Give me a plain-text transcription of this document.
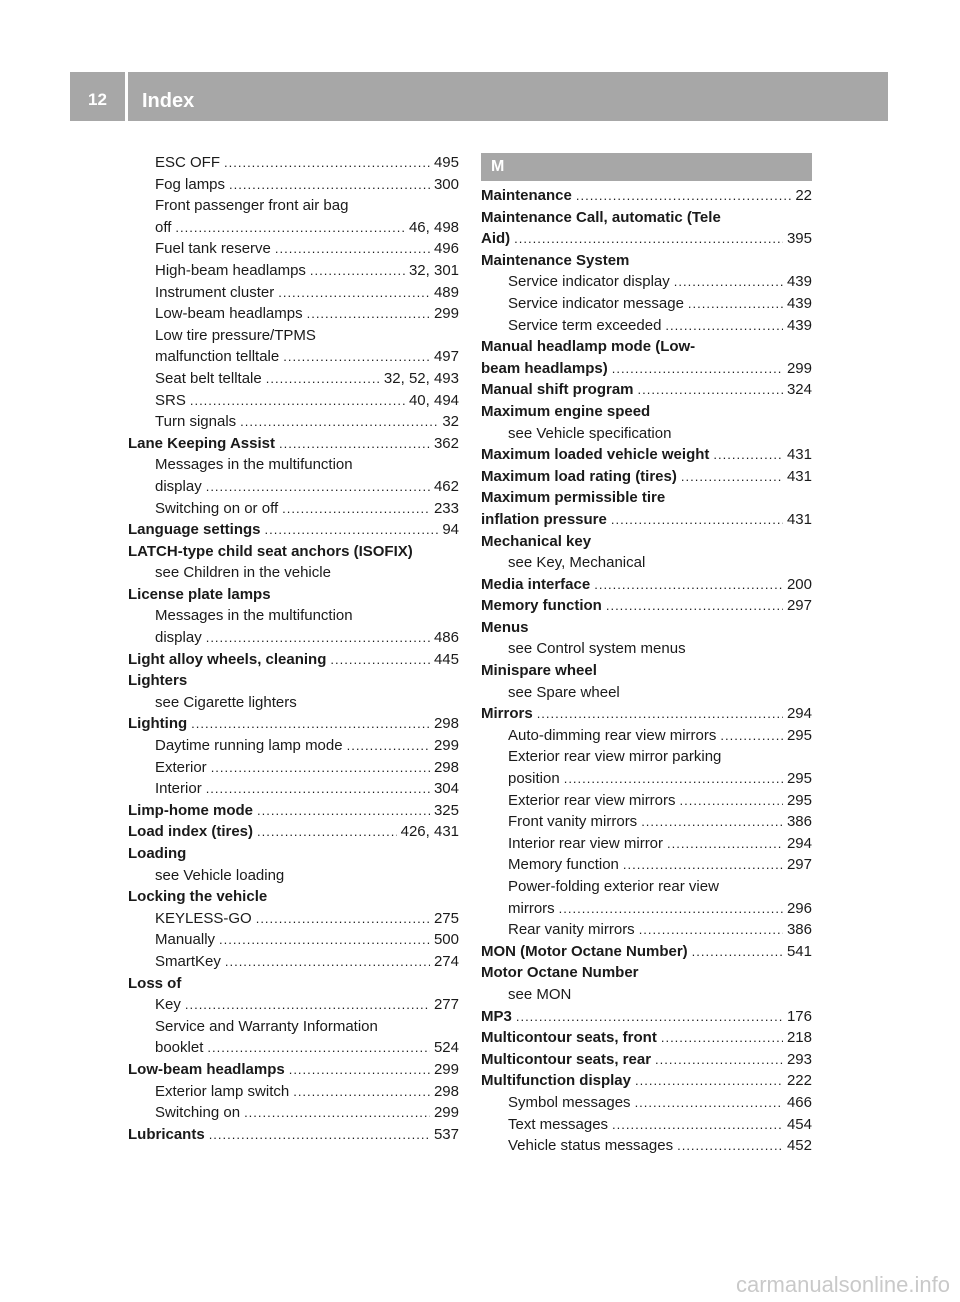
12	Index
ESC OFF .....	495
Fog lamps .....	300
Front passenger front air bag
off .....	46, 498
Fuel tank reserve .....	496
High-beam headlamps .....	32, 301
Instrument cluster .....	489
Low-beam headlamps .....	299
Low tire pressure/TPMS
malfunction telltale .....	497
Seat belt telltale .....	32, 52, 493
SRS .....	40, 494
Turn signals .....	32
Lane Keeping Assist .....	362
Messages in the multifunction
display .....	462
Switching on or off .....	233
Language settings .....	94
LATCH-type child seat anchors (ISOFIX)
see Children in the vehicle
License plate lamps
Messages in the multifunction
display .....	486
Light alloy wheels, cleaning .....	445
Lighters
see Cigarette lighters
Lighting .....	298
Daytime running lamp mode .....	299
Exterior .....	298
Interior .....	304
Limp-home mode .....	325
Load index (tires) .....	426, 431
Loading
see Vehicle loading
Locking the vehicle
KEYLESS-GO .....	275
Manually .....	500
SmartKey .....	274
Loss of
Key .....	277
Service and Warranty Information
booklet .....	524
Low-beam headlamps .....	299
Exterior lamp switch .....	298
Switching on .....	299
Lubricants .....	537
M
Maintenance .....	22
Maintenance Call, automatic (Tele
Aid) .....	395
Maintenance System
Service indicator display .....	439
Service indicator message .....	439
Service term exceeded .....	439
Manual headlamp mode (Low-
beam headlamps) .....	299
Manual shift program .....	324
Maximum engine speed
see Vehicle specification
Maximum loaded vehicle weight .....	431
Maximum load rating (tires) .....	431
Maximum permissible tire
inflation pressure .....	431
Mechanical key
see Key, Mechanical
Media interface .....	200
Memory function .....	297
Menus
see Control system menus
Minispare wheel
see Spare wheel
Mirrors .....	294
Auto-dimming rear view mirrors .....	295
Exterior rear view mirror parking
position .....	295
Exterior rear view mirrors .....	295
Front vanity mirrors .....	386
Interior rear view mirror .....	294
Memory function .....	297
Power-folding exterior rear view
mirrors .....	296
Rear vanity mirrors .....	386
MON (Motor Octane Number) .....	541
Motor Octane Number
see MON
MP3 .....	176
Multicontour seats, front .....	218
Multicontour seats, rear .....	293
Multifunction display .....	222
Symbol messages .....	466
Text messages .....	454
Vehicle status messages .....	452
carmanualsonline.info
